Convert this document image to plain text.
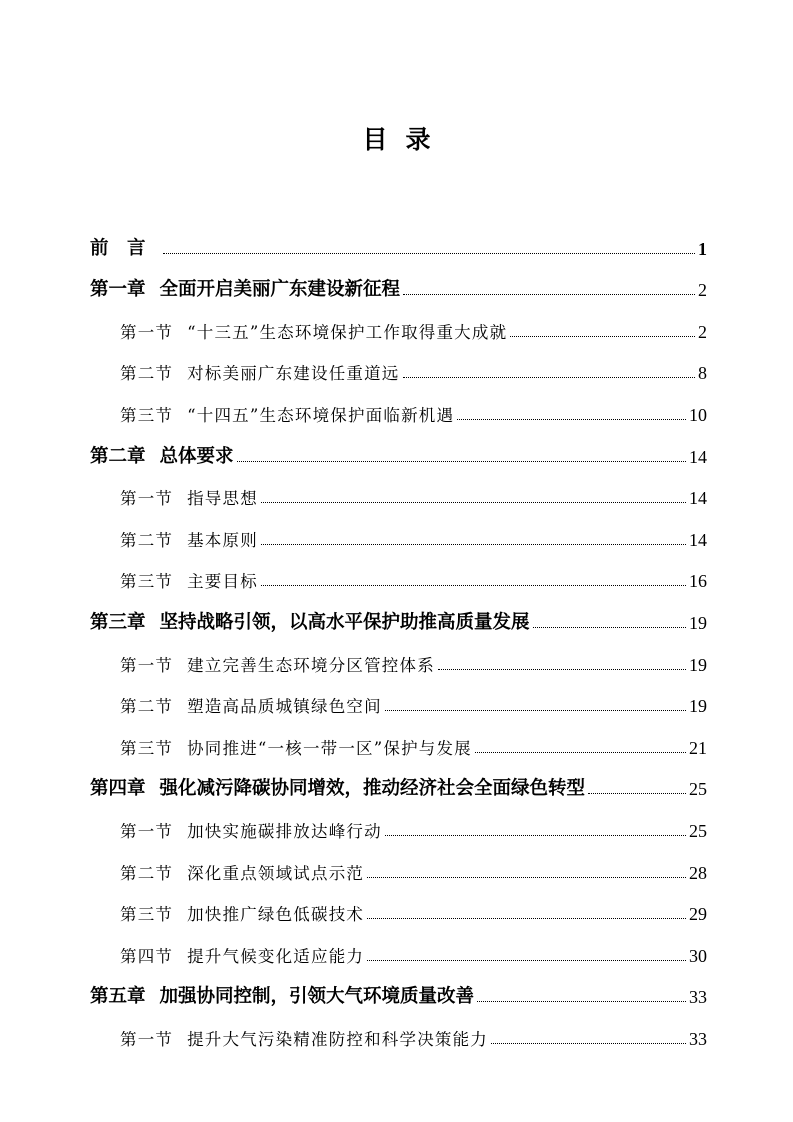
目录
前　言	1
第一章 全面开启美丽广东建设新征程	2
第一节 “十三五”生态环境保护工作取得重大成就	2
第二节 对标美丽广东建设任重道远	8
第三节 “十四五”生态环境保护面临新机遇	10
第二章 总体要求	14
第一节 指导思想	14
第二节 基本原则	14
第三节 主要目标	16
第三章 坚持战略引领，以高水平保护助推高质量发展	19
第一节 建立完善生态环境分区管控体系	19
第二节 塑造高品质城镇绿色空间	19
第三节 协同推进“一核一带一区”保护与发展	21
第四章 强化减污降碳协同增效，推动经济社会全面绿色转型	25
第一节 加快实施碳排放达峰行动	25
第二节 深化重点领域试点示范	28
第三节 加快推广绿色低碳技术	29
第四节 提升气候变化适应能力	30
第五章 加强协同控制，引领大气环境质量改善	33
第一节 提升大气污染精准防控和科学决策能力	33
